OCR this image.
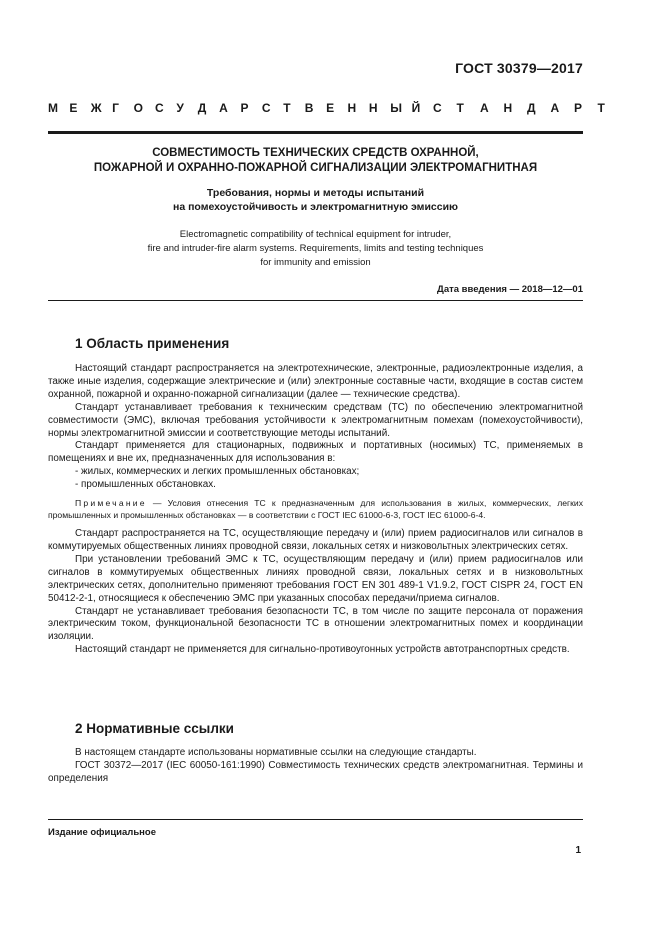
ГОСТ 30379—2017
М Е	Ж Г	О	С	У	Д	А	Р	С	Т	В	Е	Н	Н	Ы Й	С	Т	А	Н	Д	А	Р	Т
СОВМЕСТИМОСТЬ ТЕХНИЧЕСКИХ СРЕДСТВ ОХРАННОЙ,
ПОЖАРНОЙ И ОХРАННО-ПОЖАРНОЙ СИГНАЛИЗАЦИИ ЭЛЕКТРОМАГНИТНАЯ
Требования, нормы и методы испытаний
на помехоустойчивость и электромагнитную эмиссию
Electromagnetic compatibility of technical equipment for intruder,
fire and intruder-fire alarm systems. Requirements, limits and testing techniques
for immunity and emission
Дата введения — 2018—12—01
1 Область применения

Настоящий стандарт распространяется на электротехнические, электронные, радиоэлектронные изделия, а также иные изделия, содержащие электрические и (или) электронные составные части, входящие в состав систем охранной, пожарной и охранно-пожарной сигнализации (далее — технические средства).

Стандарт устанавливает требования к техническим средствам (ТС) по обеспечению электромагнитной совместимости (ЭМС), включая требования устойчивости к электромагнитным помехам (помехоустойчивости), нормы электромагнитной эмиссии и соответствующие методы испытаний.

Стандарт применяется для стационарных, подвижных и портативных (носимых) ТС, применяемых в помещениях и вне их, предназначенных для использования в:

- жилых, коммерческих и легких промышленных обстановках;

- промышленных обстановках.

Примечание — Условия отнесения ТС к предназначенным для использования в жилых, коммерческих, легких промышленных и промышленных обстановках — в соответствии с ГОСТ IEC 61000-6-3, ГОСТ IEC 61000-6-4.

Стандарт распространяется на ТС, осуществляющие передачу и (или) прием радиосигналов или сигналов в коммутируемых общественных линиях проводной связи, локальных сетях и низковольтных электрических сетях.

При установлении требований ЭМС к ТС, осуществляющим передачу и (или) прием радиосигналов или сигналов в коммутируемых общественных линиях проводной связи, локальных сетях и в низковольтных электрических сетях, дополнительно применяют требования ГОСТ EN 301 489-1 V1.9.2, ГОСТ CISPR 24, ГОСТ EN 50412-2-1, относящиеся к обеспечению ЭМС при указанных способах передачи/приема сигналов.

Стандарт не устанавливает требования безопасности ТС, в том числе по защите персонала от поражения электрическим током, функциональной безопасности ТС в отношении электромагнитных помех и координации изоляции.

Настоящий стандарт не применяется для сигнально-противоугонных устройств автотранспортных средств.

2 Нормативные ссылки

В настоящем стандарте использованы нормативные ссылки на следующие стандарты.

ГОСТ 30372—2017 (IEC 60050-161:1990) Совместимость технических средств электромагнитная. Термины и определения

Издание официальное
1
